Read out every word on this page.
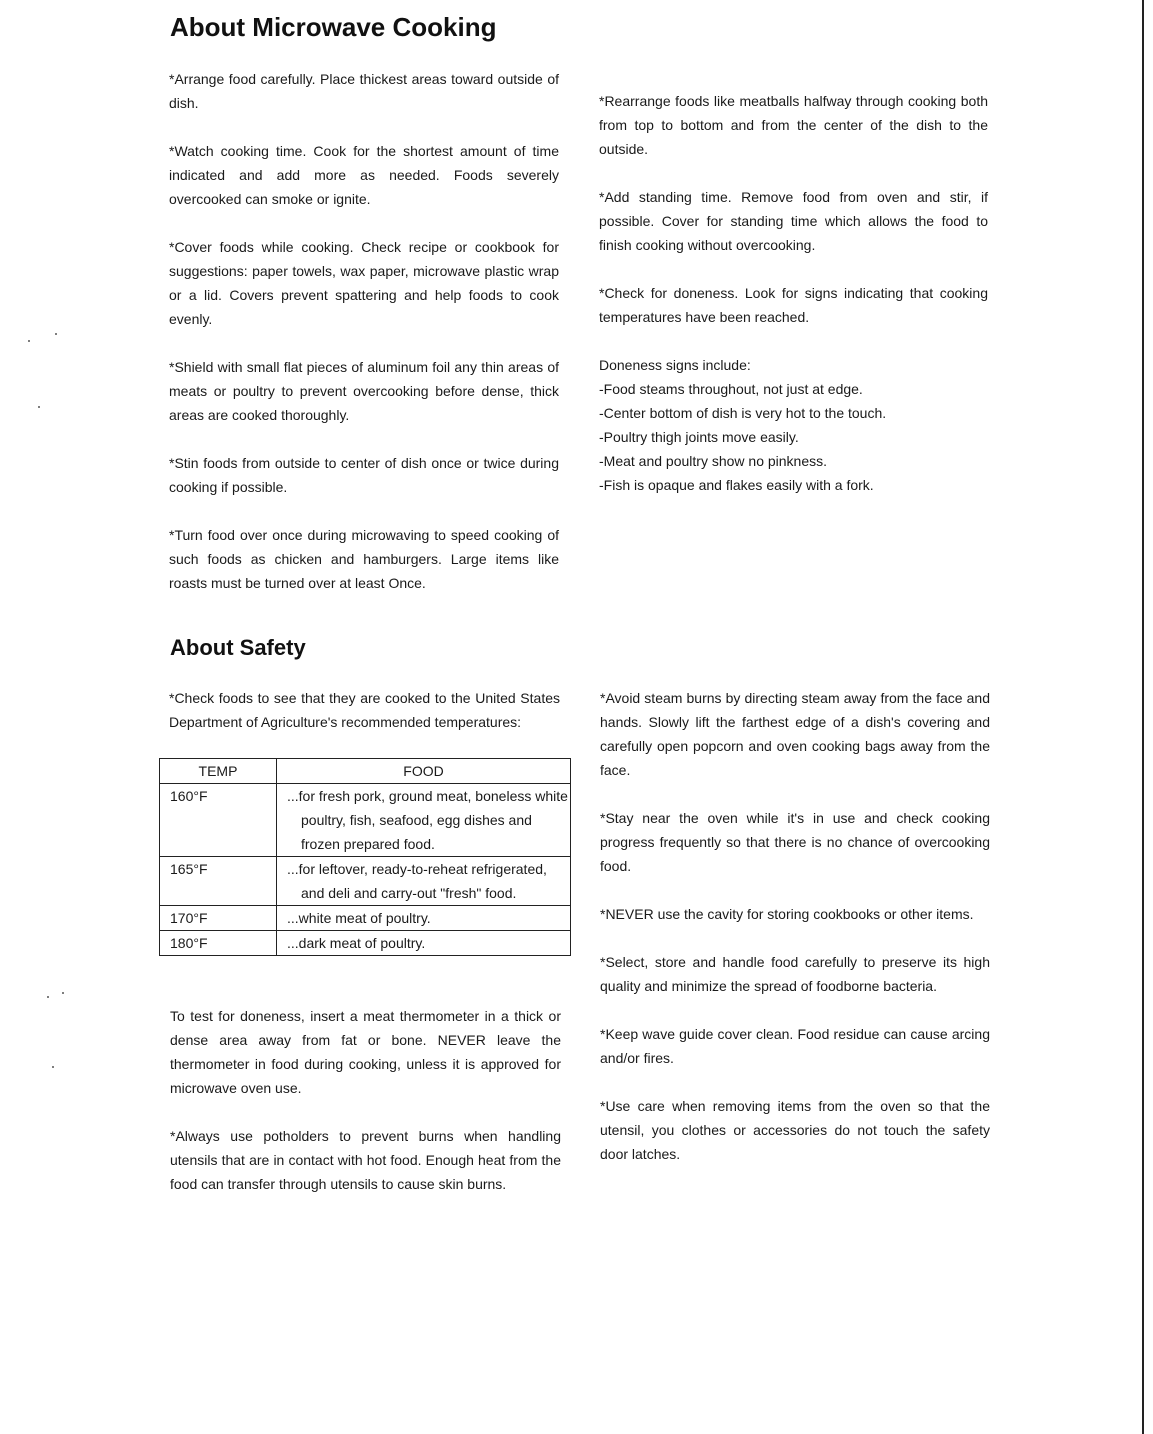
About Microwave Cooking

*Arrange food carefully. Place thickest areas toward outside of dish.

*Watch cooking time. Cook for the shortest amount of time indicated and add more as needed. Foods severely overcooked can smoke or ignite.

*Cover foods while cooking. Check recipe or cookbook for suggestions: paper towels, wax paper, microwave plastic wrap or a lid. Covers prevent spattering and help foods to cook evenly.

*Shield with small flat pieces of aluminum foil any thin areas of meats or poultry to prevent overcooking before dense, thick areas are cooked thoroughly.

*Stin foods from outside to center of dish once or twice during cooking if possible.

*Turn food over once during microwaving to speed cooking of such foods as chicken and hamburgers. Large items like roasts must be turned over at least Once.

*Rearrange foods like meatballs halfway through cooking both from top to bottom and from the center of the dish to the outside.

*Add standing time. Remove food from oven and stir, if possible. Cover for standing time which allows the food to finish cooking without overcooking.

*Check for doneness. Look for signs indicating that cooking temperatures have been reached.

Doneness signs include:
-Food steams throughout, not just at edge.
-Center bottom of dish is very hot to the touch.
-Poultry thigh joints move easily.
-Meat and poultry show no pinkness.
-Fish is opaque and flakes easily with a fork.
About Safety

*Check foods to see that they are cooked to the United States Department of Agriculture's recommended temperatures:

TEMP	FOOD
160°F	...for fresh pork, ground meat, boneless white poultry, fish, seafood, egg dishes and frozen prepared food.

165°F	...for leftover, ready-to-reheat refrigerated, and deli and carry-out "fresh" food.

170°F	...white meat of poultry.

180°F	...dark meat of poultry.

To test for doneness, insert a meat thermometer in a thick or dense area away from fat or bone. NEVER leave the thermometer in food during cooking, unless it is approved for microwave oven use.

*Always use potholders to prevent burns when handling utensils that are in contact with hot food. Enough heat from the food can transfer through utensils to cause skin burns.

*Avoid steam burns by directing steam away from the face and hands. Slowly lift the farthest edge of a dish's covering and carefully open popcorn and oven cooking bags away from the face.

*Stay near the oven while it's in use and check cooking progress frequently so that there is no chance of overcooking food.

*NEVER use the cavity for storing cookbooks or other items.

*Select, store and handle food carefully to preserve its high quality and minimize the spread of foodborne bacteria.

*Keep wave guide cover clean. Food residue can cause arcing and/or fires.

*Use care when removing items from the oven so that the utensil, you clothes or accessories do not touch the safety door latches.
